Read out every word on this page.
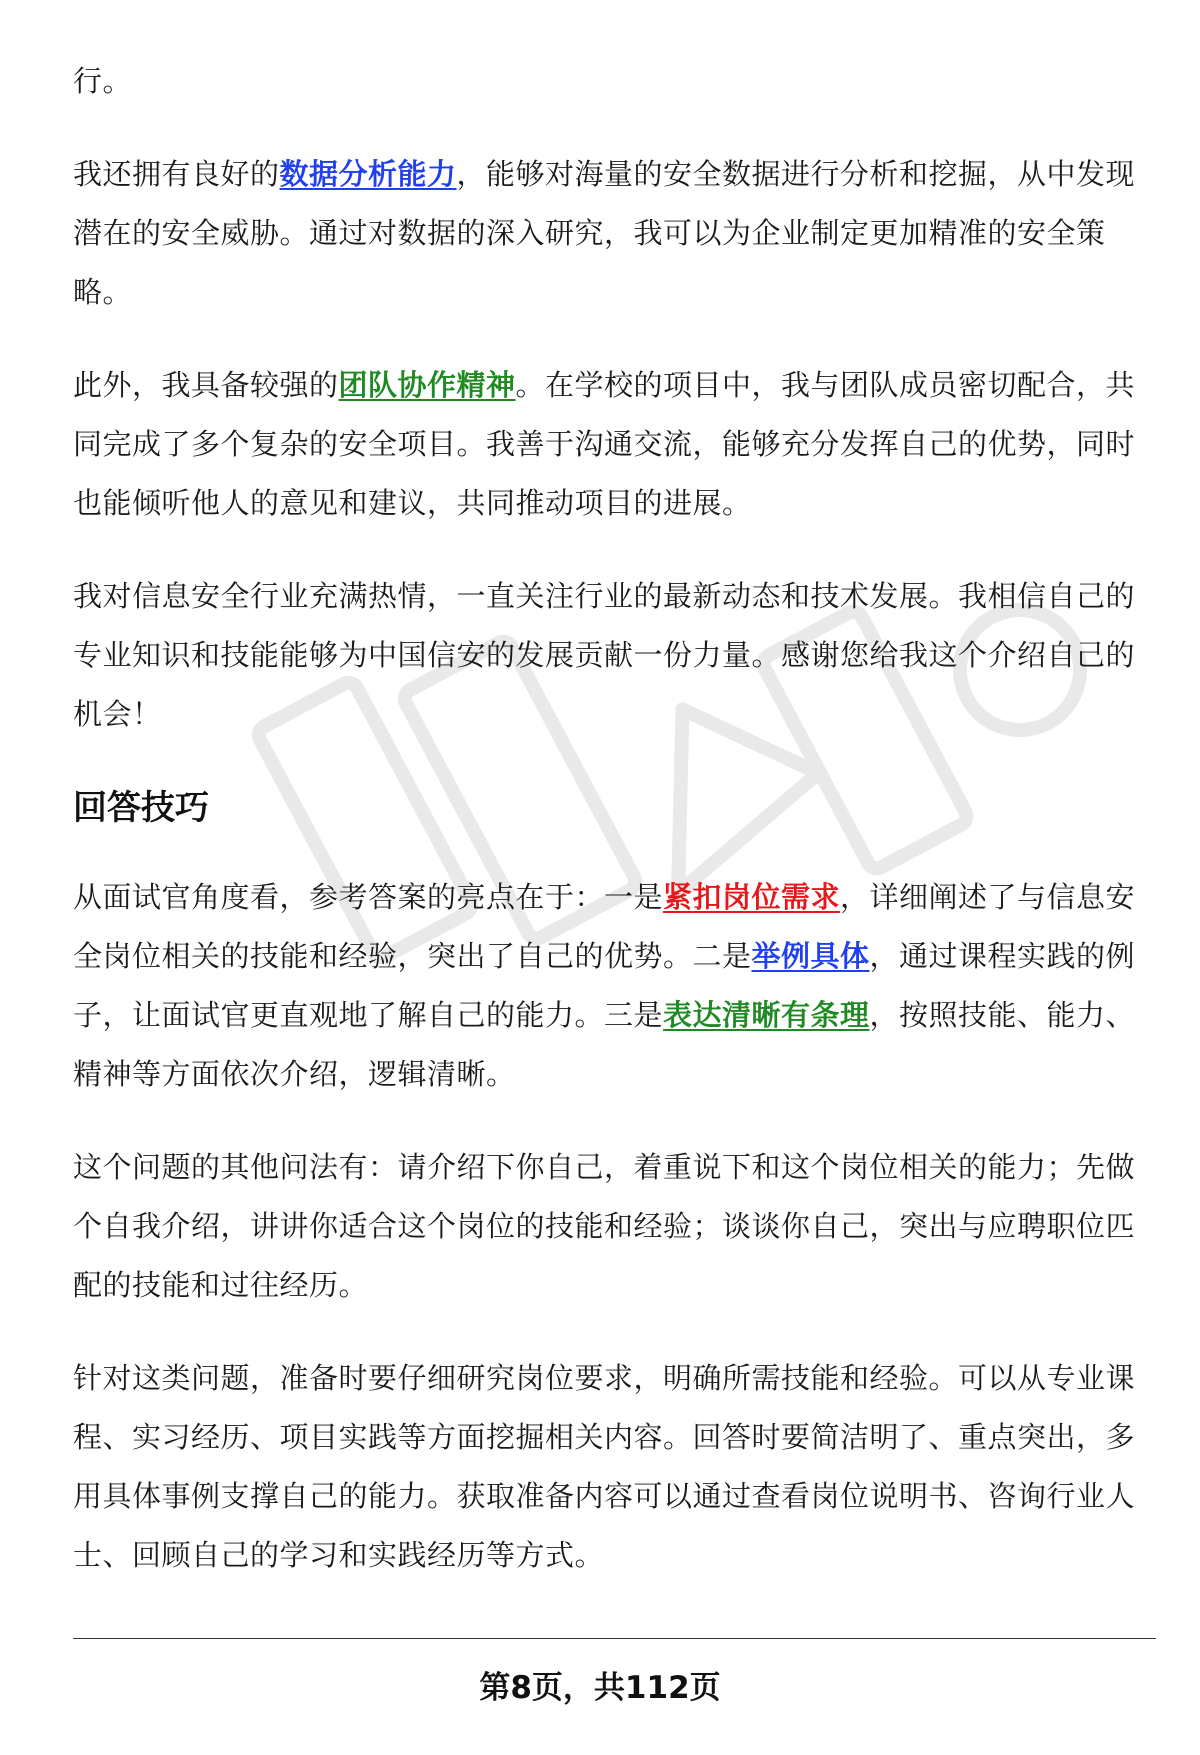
行。

我还拥有良好的数据分析能力，能够对海量的安全数据进行分析和挖掘，从中发现潜在的安全威胁。通过对数据的深入研究，我可以为企业制定更加精准的安全策略。

此外，我具备较强的团队协作精神。在学校的项目中，我与团队成员密切配合，共同完成了多个复杂的安全项目。我善于沟通交流，能够充分发挥自己的优势，同时也能倾听他人的意见和建议，共同推动项目的进展。

我对信息安全行业充满热情，一直关注行业的最新动态和技术发展。我相信自己的专业知识和技能能够为中国信安的发展贡献一份力量。感谢您给我这个介绍自己的机会！

回答技巧

从面试官角度看，参考答案的亮点在于：一是紧扣岗位需求，详细阐述了与信息安全岗位相关的技能和经验，突出了自己的优势。二是举例具体，通过课程实践的例子，让面试官更直观地了解自己的能力。三是表达清晰有条理，按照技能、能力、精神等方面依次介绍，逻辑清晰。

这个问题的其他问法有：请介绍下你自己，着重说下和这个岗位相关的能力；先做个自我介绍，讲讲你适合这个岗位的技能和经验；谈谈你自己，突出与应聘职位匹配的技能和过往经历。

针对这类问题，准备时要仔细研究岗位要求，明确所需技能和经验。可以从专业课程、实习经历、项目实践等方面挖掘相关内容。回答时要简洁明了、重点突出，多用具体事例支撑自己的能力。获取准备内容可以通过查看岗位说明书、咨询行业人士、回顾自己的学习和实践经历等方式。

第8页，共112页
